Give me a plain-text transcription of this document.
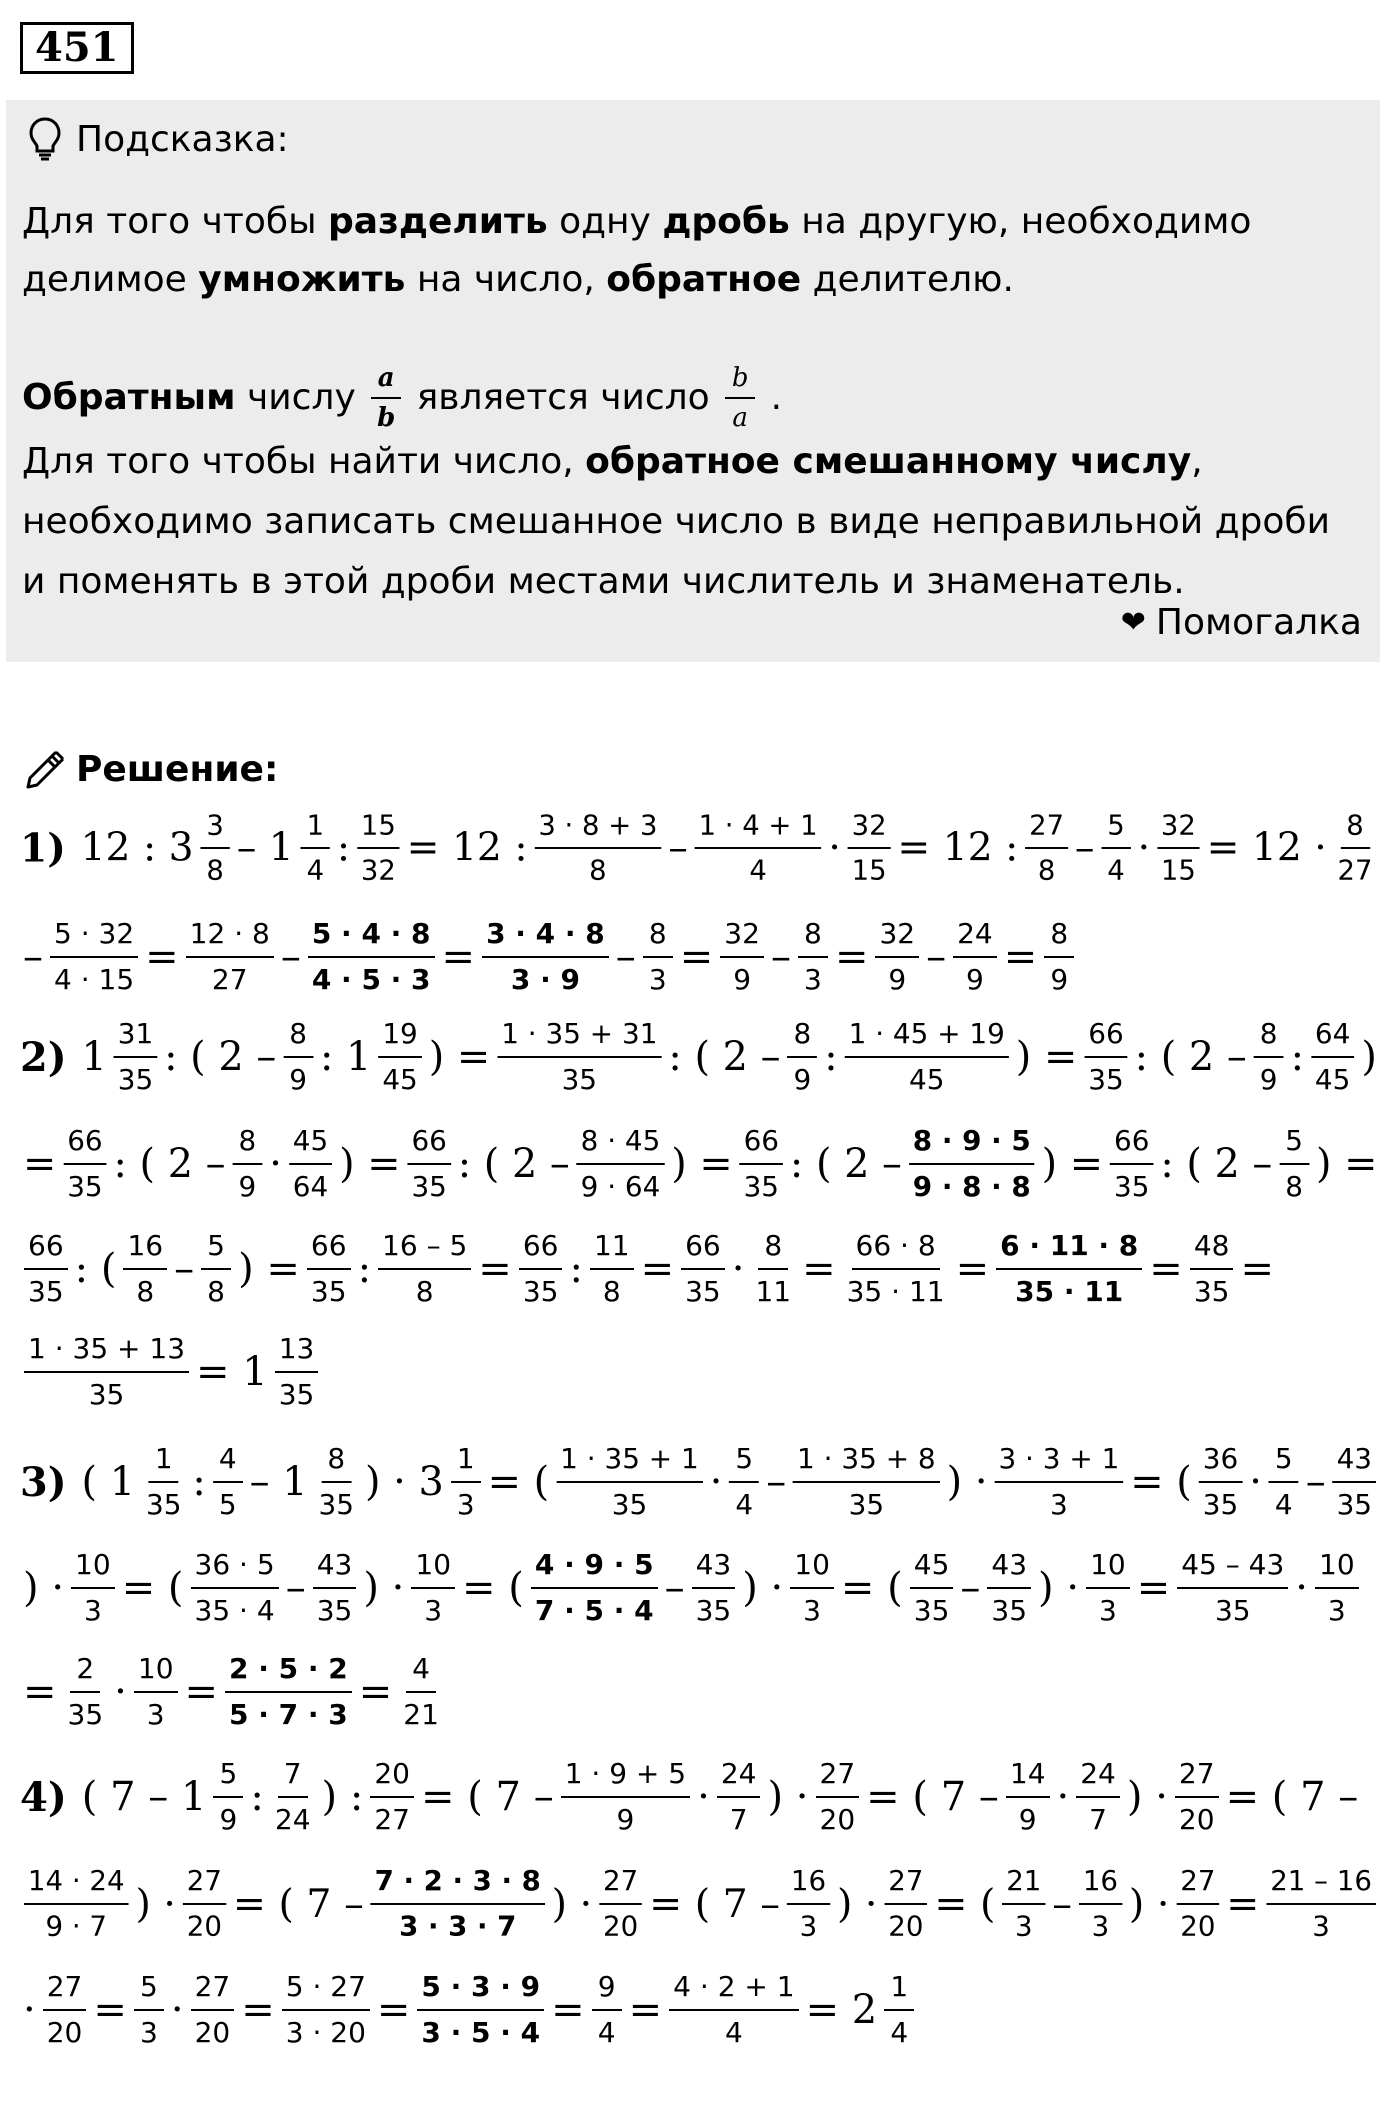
451
Подсказка:

Для того чтобы разделить одну дробь на другую, необходимо

делимое умножить на число, обратное делителю.

Обратным числу a
b является число b
a .

Для того чтобы найти число, обратное смешанному числу,

необходимо записать смешанное число в виде неправильной дроби

и поменять в этой дроби местами числитель и знаменатель.

❤ Помогалка
Решение:
1) 12 : $3 \frac{3}{8} - 1 \frac{1}{4}$ : $\frac{15}{32} = 12$ : $\frac{3 \cdot 8 + 3}{8} - \frac{1 \cdot 4 + 1}{4} \cdot \frac{32}{15} = 12$ : $\frac{27}{8} - \frac{5}{4} \cdot \frac{32}{15} = 12 \cdot \frac{8}{27}$
– $\frac{5 \cdot 32}{4 \cdot 15} = \frac{12 \cdot 8}{27} - \frac{5 \cdot 4 \cdot 8}{4 \cdot 5 \cdot 3} = \frac{3 \cdot 4 \cdot 8}{3 \cdot 9} - \frac{8}{3} = \frac{32}{9} - \frac{8}{3} = \frac{32}{9} - \frac{24}{9} = \frac{8}{9}$
2) $1 \frac{31}{35}$ : ( $2 - \frac{8}{9}$ : $1 \frac{19}{45}$ ) = $\frac{1 \cdot 35 + 31}{35}$ : ( $2 - \frac{8}{9}$ : $\frac{1 \cdot 45 + 19}{45}$ ) = $\frac{66}{35}$ : ( $2 - \frac{8}{9}$ : $\frac{64}{45}$ )
= $\frac{66}{35}$ : ( $2 - \frac{8}{9} \cdot \frac{45}{64}$ ) = $\frac{66}{35}$ : ( $2 - \frac{8 \cdot 45}{9 \cdot 64}$ ) = $\frac{66}{35}$ : ( $2 - \frac{8 \cdot 9 \cdot 5}{9 \cdot 8 \cdot 8}$ ) = $\frac{66}{35}$ : ( $2 - \frac{5}{8}$ ) =
$\frac{66}{35}$ : ( $\frac{16}{8} - \frac{5}{8}$ ) = $\frac{66}{35}$ : $\frac{16 - 5}{8} = \frac{66}{35}$ : $\frac{11}{8} = \frac{66}{35} \cdot \frac{8}{11} = \frac{66 \cdot 8}{35 \cdot 11} = \frac{6 \cdot 11 \cdot 8}{35 \cdot 11} = \frac{48}{35}$ =
$\frac{1 \cdot 35 + 13}{35} = 1 \frac{13}{35}$
3) ( $1 \frac{1}{35}$ : $\frac{4}{5} - 1 \frac{8}{35}$ ) · $3 \frac{1}{3}$ = ( $\frac{1 \cdot 35 + 1}{35} \cdot \frac{5}{4} - \frac{1 \cdot 35 + 8}{35}$ ) · $\frac{3 \cdot 3 + 1}{3}$ = ( $\frac{36}{35} \cdot \frac{5}{4} - \frac{43}{35}$
) · $\frac{10}{3}$ = ( $\frac{36 \cdot 5}{35 \cdot 4} - \frac{43}{35}$ ) · $\frac{10}{3}$ = ( $\frac{4 \cdot 9 \cdot 5}{7 \cdot 5 \cdot 4} - \frac{43}{35}$ ) · $\frac{10}{3}$ = ( $\frac{45}{35} - \frac{43}{35}$ ) · $\frac{10}{3} = \frac{45 - 43}{35} \cdot \frac{10}{3}$
= $\frac{2}{35} \cdot \frac{10}{3} = \frac{2 \cdot 5 \cdot 2}{5 \cdot 7 \cdot 3} = \frac{4}{21}$
4) ( $7 - 1 \frac{5}{9}$ : $\frac{7}{24}$ ) : $\frac{20}{27}$ = ( $7 - \frac{1 \cdot 9 + 5}{9} \cdot \frac{24}{7}$ ) · $\frac{27}{20}$ = ( $7 - \frac{14}{9} \cdot \frac{24}{7}$ ) · $\frac{27}{20}$ = ( 7 –
$\frac{14 \cdot 24}{9 \cdot 7}$ ) · $\frac{27}{20}$ = ( $7 - \frac{7 \cdot 2 \cdot 3 \cdot 8}{3 \cdot 3 \cdot 7}$ ) · $\frac{27}{20}$ = ( $7 - \frac{16}{3}$ ) · $\frac{27}{20}$ = ( $\frac{21}{3} - \frac{16}{3}$ ) · $\frac{27}{20} = \frac{21 - 16}{3}$
· $\frac{27}{20} = \frac{5}{3} \cdot \frac{27}{20} = \frac{5 \cdot 27}{3 \cdot 20} = \frac{5 \cdot 3 \cdot 9}{3 \cdot 5 \cdot 4} = \frac{9}{4} = \frac{4 \cdot 2 + 1}{4} = 2 \frac{1}{4}$
